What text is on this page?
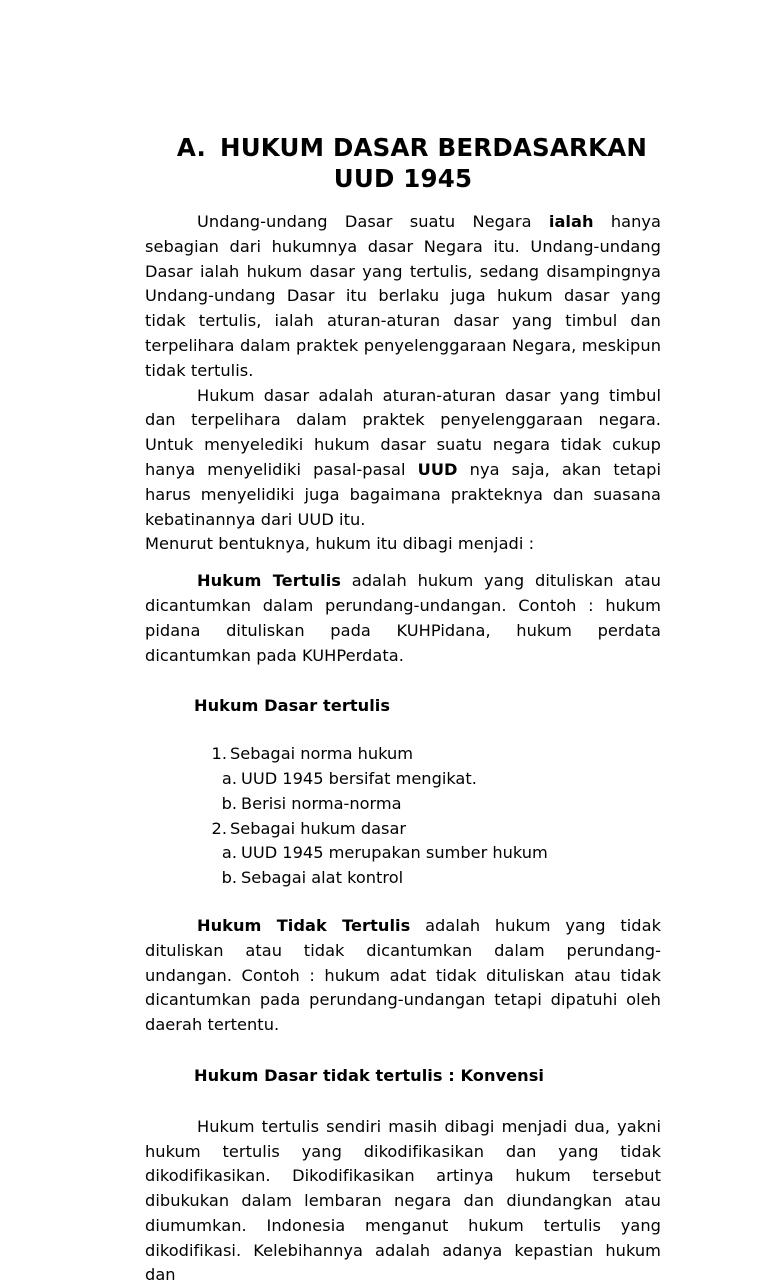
A. HUKUM DASAR BERDASARKAN
UUD 1945

Undang-undang Dasar suatu Negara ialah hanya sebagian dari hukumnya dasar Negara itu. Undang-undang Dasar ialah hukum dasar yang tertulis, sedang disampingnya Undang-undang Dasar itu berlaku juga hukum dasar yang tidak tertulis, ialah aturan-aturan dasar yang timbul dan terpelihara dalam praktek penyelenggaraan Negara, meskipun tidak tertulis.

Hukum dasar adalah aturan-aturan dasar yang timbul dan terpelihara dalam praktek penyelenggaraan negara. Untuk menyelediki hukum dasar suatu negara tidak cukup hanya menyelidiki pasal-pasal UUD nya saja, akan tetapi harus menyelidiki juga bagaimana prakteknya dan suasana kebatinannya dari UUD itu.

Menurut bentuknya, hukum itu dibagi menjadi :

Hukum Tertulis adalah hukum yang dituliskan atau dicantumkan dalam perundang-undangan. Contoh : hukum pidana dituliskan pada KUHPidana, hukum perdata dicantumkan pada KUHPerdata.

Hukum Dasar tertulis

1. Sebagai norma hukum
a. UUD 1945 bersifat mengikat.
b. Berisi norma-norma
2. Sebagai hukum dasar
a. UUD 1945 merupakan sumber hukum
b. Sebagai alat kontrol

Hukum Tidak Tertulis adalah hukum yang tidak dituliskan atau tidak dicantumkan dalam perundang-undangan. Contoh : hukum adat tidak dituliskan atau tidak dicantumkan pada perundang-undangan tetapi dipatuhi oleh daerah tertentu.

Hukum Dasar tidak tertulis : Konvensi

Hukum tertulis sendiri masih dibagi menjadi dua, yakni hukum tertulis yang dikodifikasikan dan yang tidak dikodifikasikan. Dikodifikasikan artinya hukum tersebut dibukukan dalam lembaran negara dan diundangkan atau diumumkan. Indonesia menganut hukum tertulis yang dikodifikasi. Kelebihannya adalah adanya kepastian hukum dan
